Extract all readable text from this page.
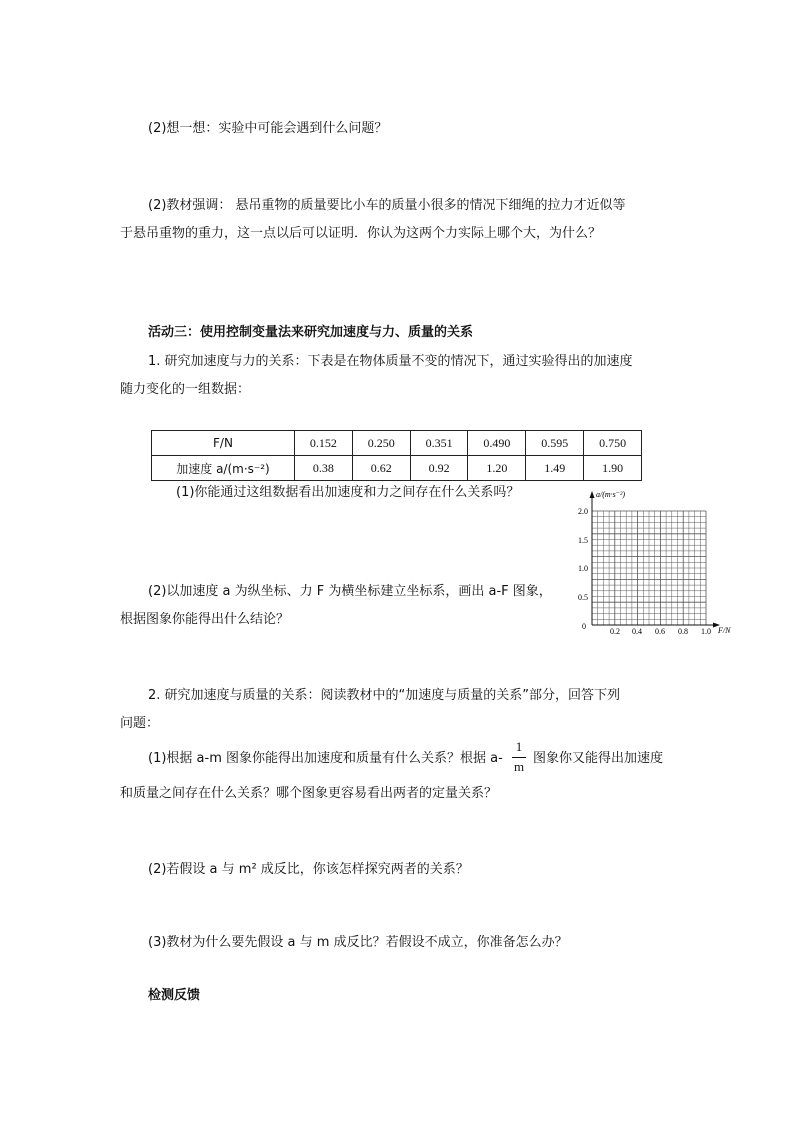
(2)想一想：实验中可能会遇到什么问题？
(2)教材强调： 悬吊重物的质量要比小车的质量小很多的情况下细绳的拉力才近似等
于悬吊重物的重力，这一点以后可以证明．你认为这两个力实际上哪个大，为什么？
活动三：使用控制变量法来研究加速度与力、质量的关系
1. 研究加速度与力的关系：下表是在物体质量不变的情况下，通过实验得出的加速度
随力变化的一组数据：
F/N	0.152	0.250	0.351	0.490	0.595	0.750
加速度 a/(m·s⁻²)	0.38	0.62	0.92	1.20	1.49	1.90
(1)你能通过这组数据看出加速度和力之间存在什么关系吗？
(2)以加速度 a 为纵坐标、力 F 为横坐标建立坐标系，画出 a-F 图象，
根据图象你能得出什么结论？
a/(m·s⁻²)
F/N
2.0
1.5
1.0
0.5
0
0.2 0.4 0.6 0.8 1.0
2. 研究加速度与质量的关系：阅读教材中的“加速度与质量的关系”部分，回答下列
问题：
(1)根据 a-m 图象你能得出加速度和质量有什么关系？根据 a-
1
m
图象你又能得出加速度
和质量之间存在什么关系？哪个图象更容易看出两者的定量关系？
(2)若假设 a 与 m² 成反比，你该怎样探究两者的关系？
(3)教材为什么要先假设 a 与 m 成反比？若假设不成立，你准备怎么办？
检测反馈
